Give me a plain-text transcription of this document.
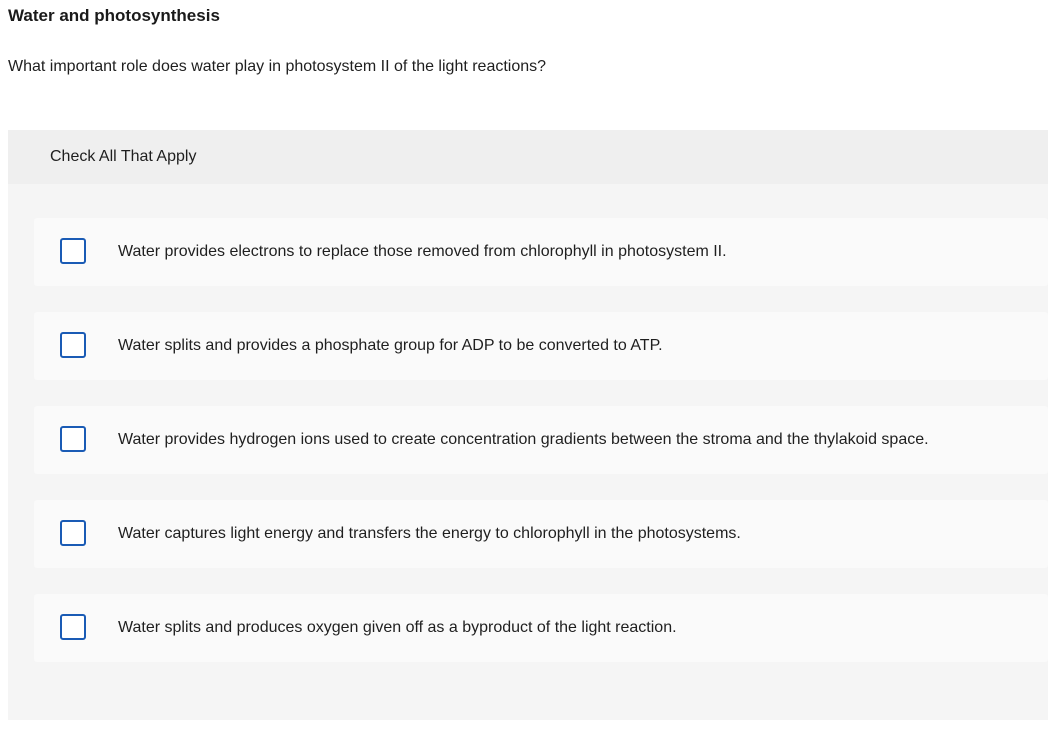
Water and photosynthesis
What important role does water play in photosystem II of the light reactions?
Check All That Apply
Water provides electrons to replace those removed from chlorophyll in photosystem II.
Water splits and provides a phosphate group for ADP to be converted to ATP.
Water provides hydrogen ions used to create concentration gradients between the stroma and the thylakoid space.
Water captures light energy and transfers the energy to chlorophyll in the photosystems.
Water splits and produces oxygen given off as a byproduct of the light reaction.
